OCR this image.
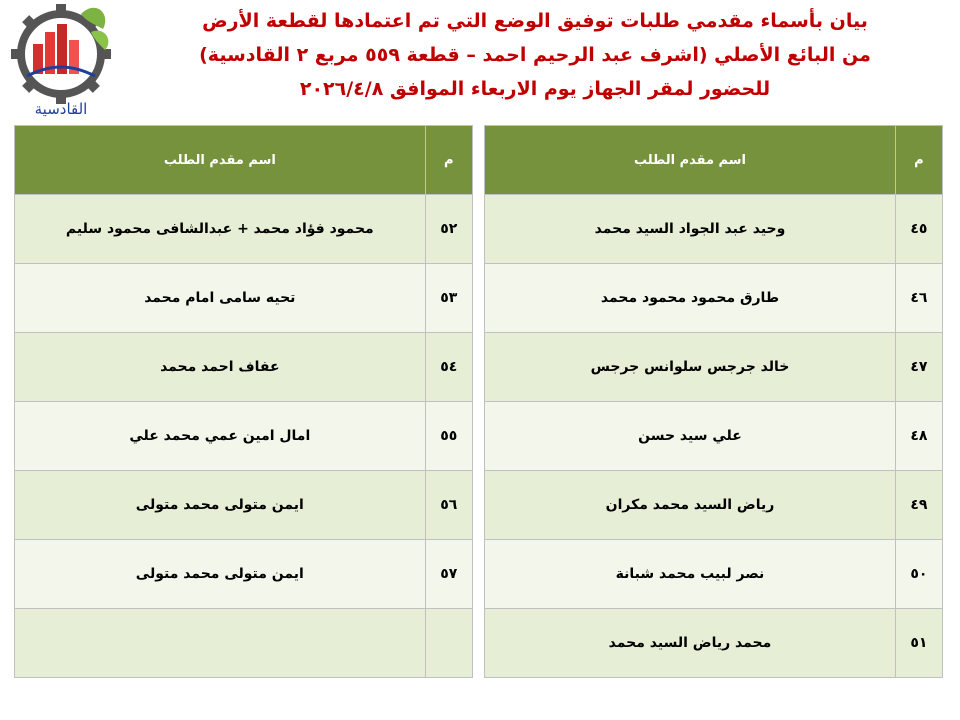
القادسية
بيان بأسماء مقدمي طلبات توفيق الوضع التي تم اعتمادها لقطعة الأرض
من البائع الأصلي (اشرف عبد الرحيم احمد – قطعة ٥٥٩ مربع ٢ القادسية)
للحضور لمقر الجهاز يوم الاربعاء الموافق ٢٠٢٦/٤/٨
م	اسم مقدم الطلب		م	اسم مقدم الطلب
٤٥	وحيد عبد الجواد السيد محمد		٥٢	محمود فؤاد محمد + عبدالشافى محمود سليم
٤٦	طارق محمود محمود محمد		٥٣	تحيه سامى امام محمد
٤٧	خالد جرجس سلوانس جرجس		٥٤	عفاف احمد محمد
٤٨	علي سيد حسن		٥٥	امال امين عمي محمد علي
٤٩	رياض السيد محمد مكران		٥٦	ايمن متولى محمد متولى
٥٠	نصر لبيب محمد شبانة		٥٧	ايمن متولى محمد متولى
٥١	محمد رياض السيد محمد			
